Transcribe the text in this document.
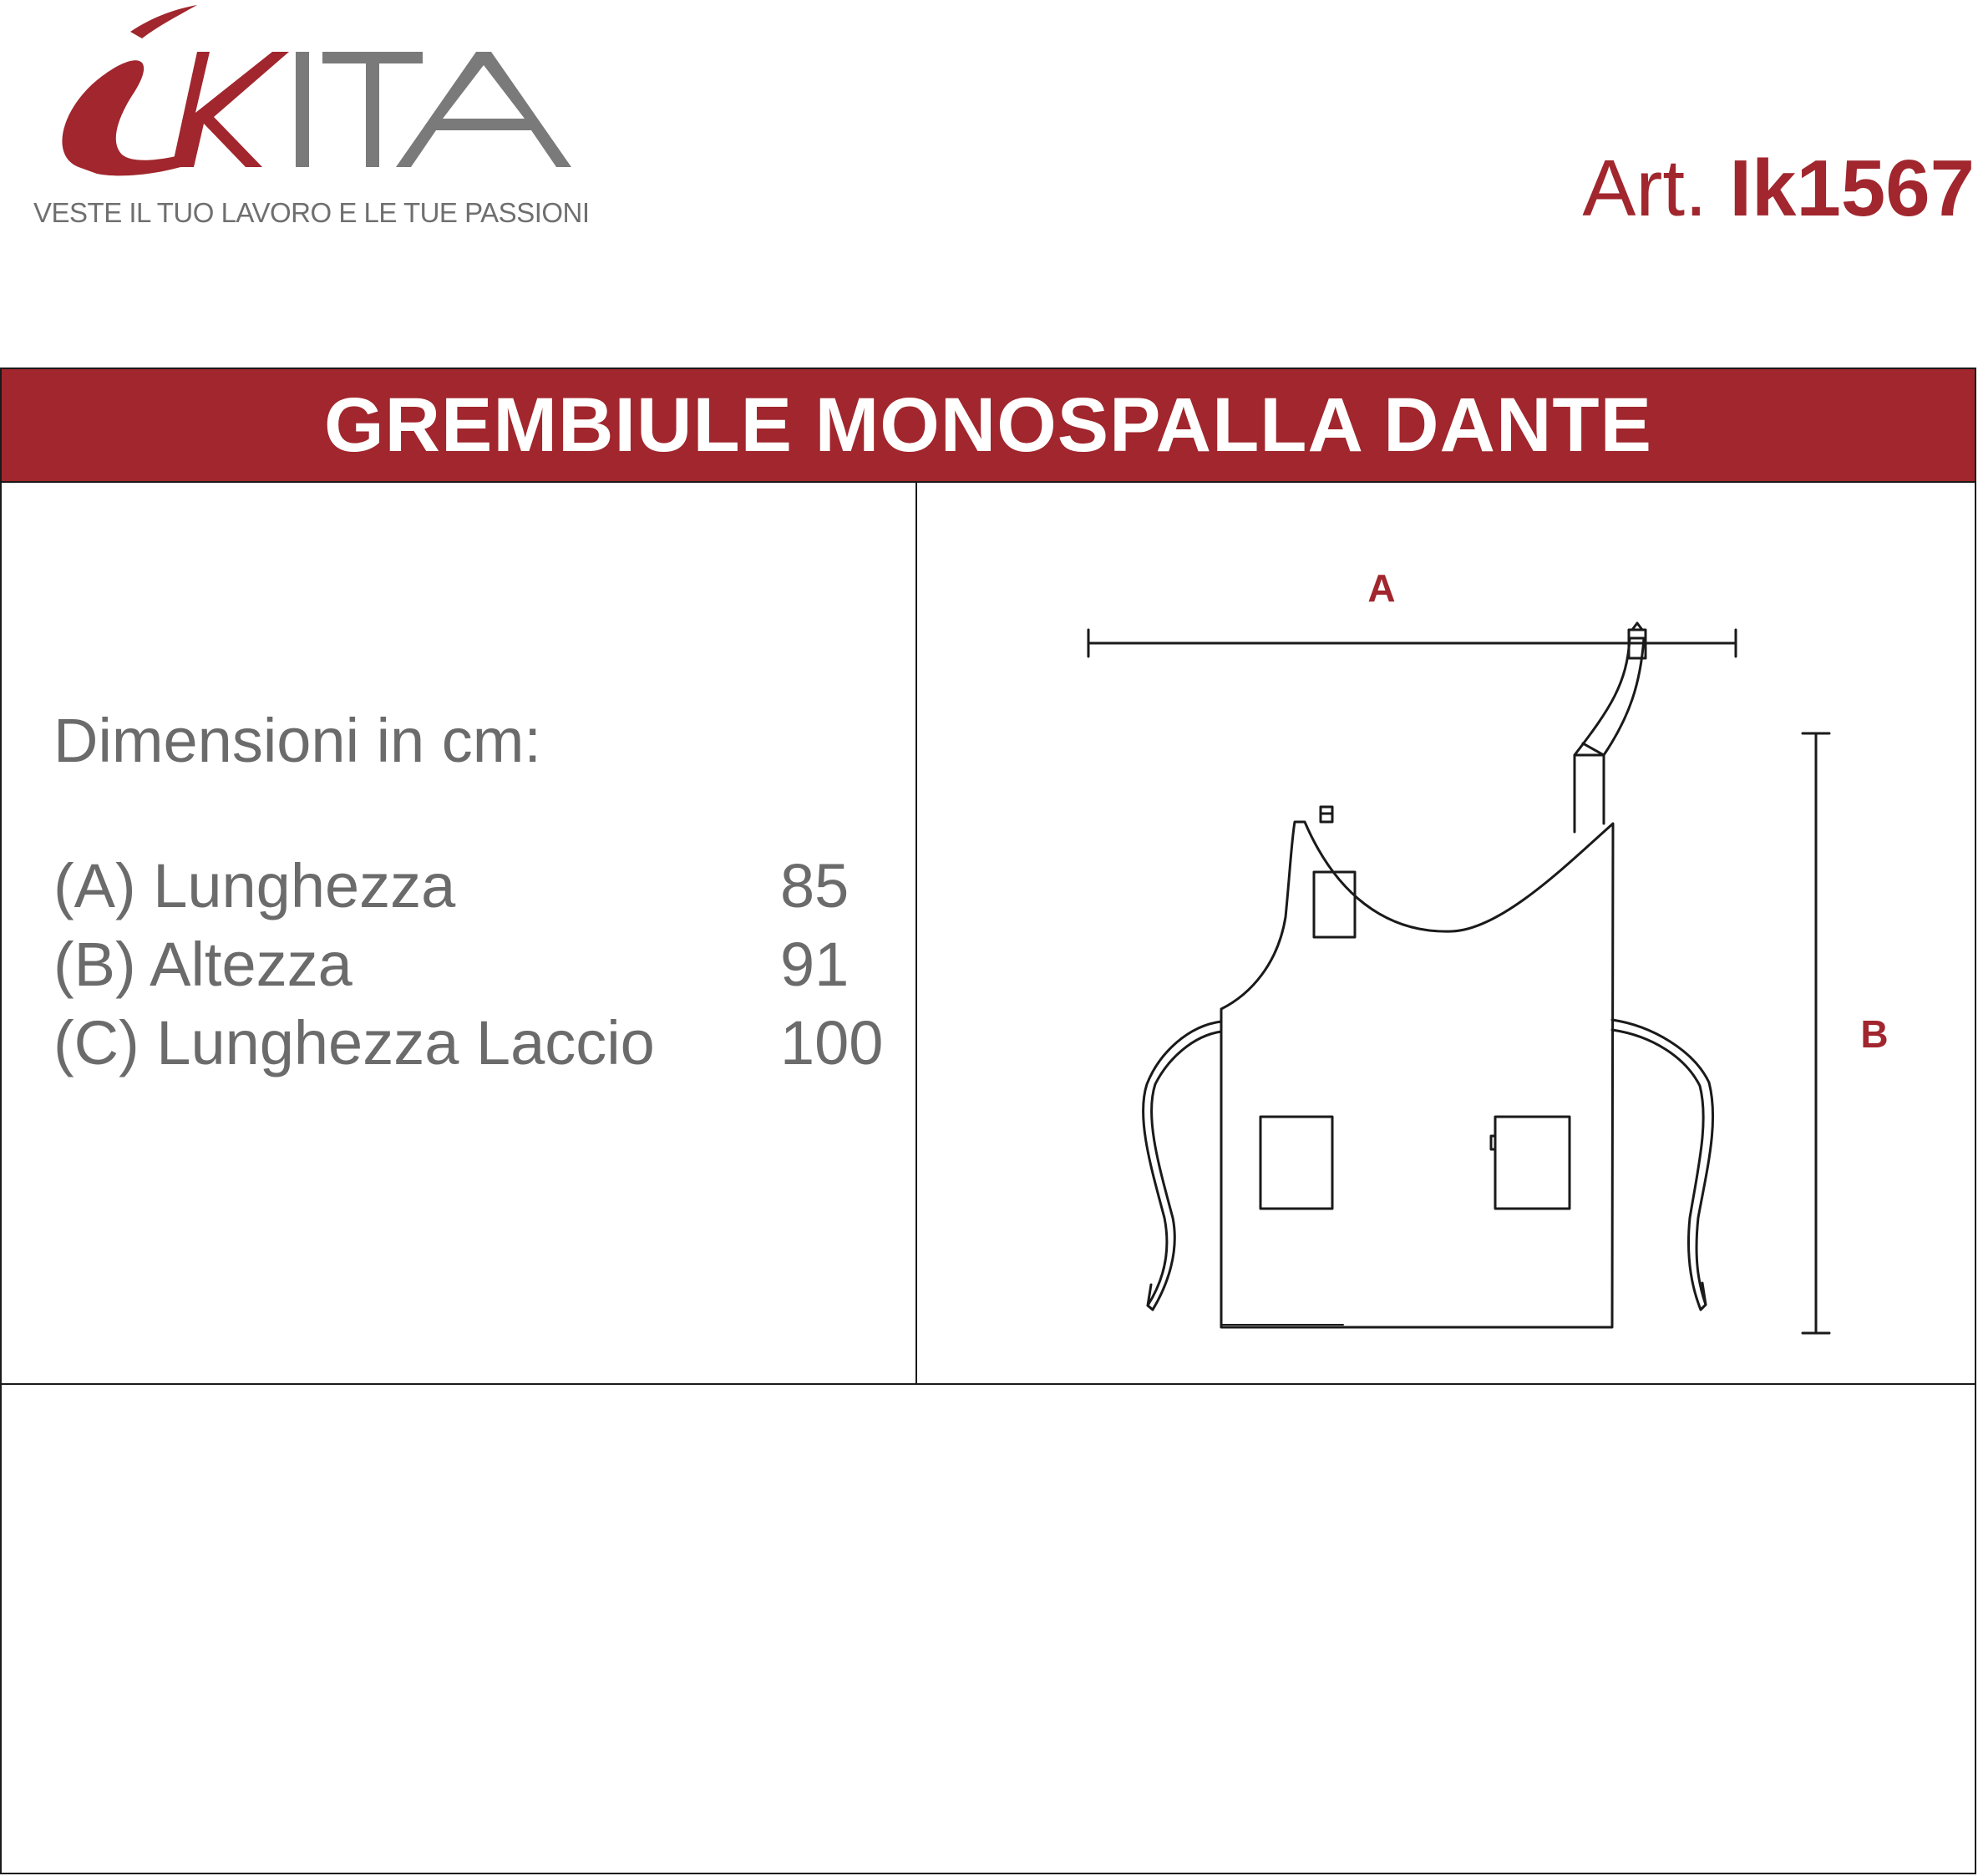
VESTE IL TUO LAVORO E LE TUE PASSIONI	Art. Ik1567
GREMBIULE MONOSPALLA DANTE
Dimensioni in cm:
(A) Lunghezza	85
(B) Altezza	91
(C) Lunghezza Laccio 100
A
B
